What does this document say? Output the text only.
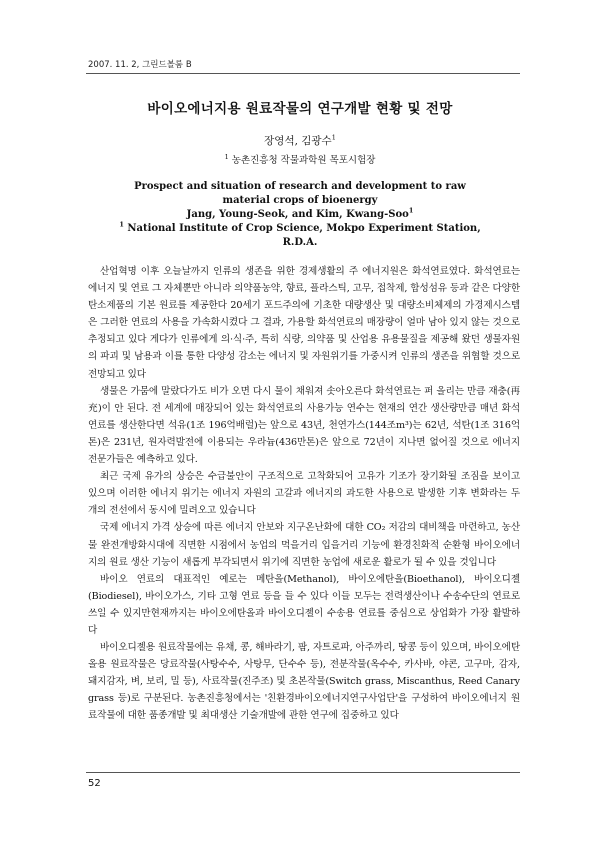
2007. 11. 2, 그린드볼룸 B
바이오에너지용 원료작물의 연구개발 현황 및 전망
장영석, 김광수$^1$
$^1$ 농촌진흥청 작물과학원 목포시험장
Prospect and situation of research and development to raw material crops of bioenergy
Jang, Young-Seok, and Kim, Kwang-Soo$^1$
$^1$ National Institute of Crop Science, Mokpo Experiment Station, R.D.A.

산업혁명 이후 오늘날까지 인류의 생존을 위한 경제생활의 주 에너지원은 화석연료였다. 화석연료는 에너지 및 연료 그 자체뿐만 아니라 의약품농약, 향료, 플라스틱, 고무, 접착제, 합성섬유 등과 같은 다양한 탄소제품의 기본 원료를 제공한다 20세기 포드주의에 기초한 대량생산 및 대량소비체제의 가경제시스템은 그러한 연료의 사용을 가속화시켰다 그 결과, 가용할 화석연료의 매장량이 얼마 남아 있지 않는 것으로 추정되고 있다 게다가 인류에게 의·식·주, 특히 식량, 의약품 및 산업용 유용물질을 제공해 왔던 생물자원의 파괴 및 남용과 이를 통한 다양성 감소는 에너지 및 자원위기를 가중시켜 인류의 생존을 위협할 것으로 전망되고 있다

생물은 가뭄에 말랐다가도 비가 오면 다시 물이 채워져 솟아오른다 화석연료는 퍼 올리는 만큼 재충(再充)이 안 된다. 전 세계에 매장되어 있는 화석연료의 사용가능 연수는 현재의 연간 생산량만큼 매년 화석 연료를 생산한다면 석유(1조 196억배럴)는 앞으로 43년, 천연가스(144조m³)는 62년, 석탄(1조 316억톤)은 231년, 원자력발전에 이용되는 우라늄(436만톤)은 앞으로 72년이 지나면 없어질 것으로 에너지 전문가들은 예측하고 있다.

최근 국제 유가의 상승은 수급불안이 구조적으로 고착화되어 고유가 기조가 장기화될 조짐을 보이고 있으며 이러한 에너지 위기는 에너지 자원의 고갈과 에너지의 과도한 사용으로 발생한 기후 변화라는 두 개의 전선에서 동시에 밀려오고 있습니다

국제 에너지 가격 상승에 따른 에너지 안보와 지구온난화에 대한 CO₂ 저감의 대비책을 마련하고, 농산물 완전개방화시대에 직면한 시점에서 농업의 먹을거리 입을거리 기능에 환경친화적 순환형 바이오에너지의 원료 생산 기능이 새롭게 부각되면서 위기에 직면한 농업에 새로운 활로가 될 수 있을 것입니다

바이오 연료의 대표적인 예로는 메탄올(Methanol), 바이오에탄올(Bioethanol), 바이오디젤(Biodiesel), 바이오가스, 기타 고형 연료 등을 들 수 있다 이들 모두는 전력생산이나 수송수단의 연료로 쓰일 수 있지만현재까지는 바이오에탄올과 바이오디젤이 수송용 연료를 중심으로 상업화가 가장 활발하다

바이오디젤용 원료작물에는 유채, 콩, 해바라기, 팜, 자트로파, 아주까리, 땅콩 등이 있으며, 바이오에탄올용 원료작물은 당료작물(사탕수수, 사탕무, 단수수 등), 전분작물(옥수수, 카사바, 야콘, 고구마, 감자, 돼지감자, 벼, 보리, 밀 등), 사료작물(진주조) 및 초본작물(Switch grass, Miscanthus, Reed Canary grass 등)로 구분된다. 농촌진흥청에서는 '친환경바이오에너지연구사업단'을 구성하여 바이오에너지 원료작물에 대한 품종개발 및 최대생산 기술개발에 관한 연구에 집중하고 있다

52
